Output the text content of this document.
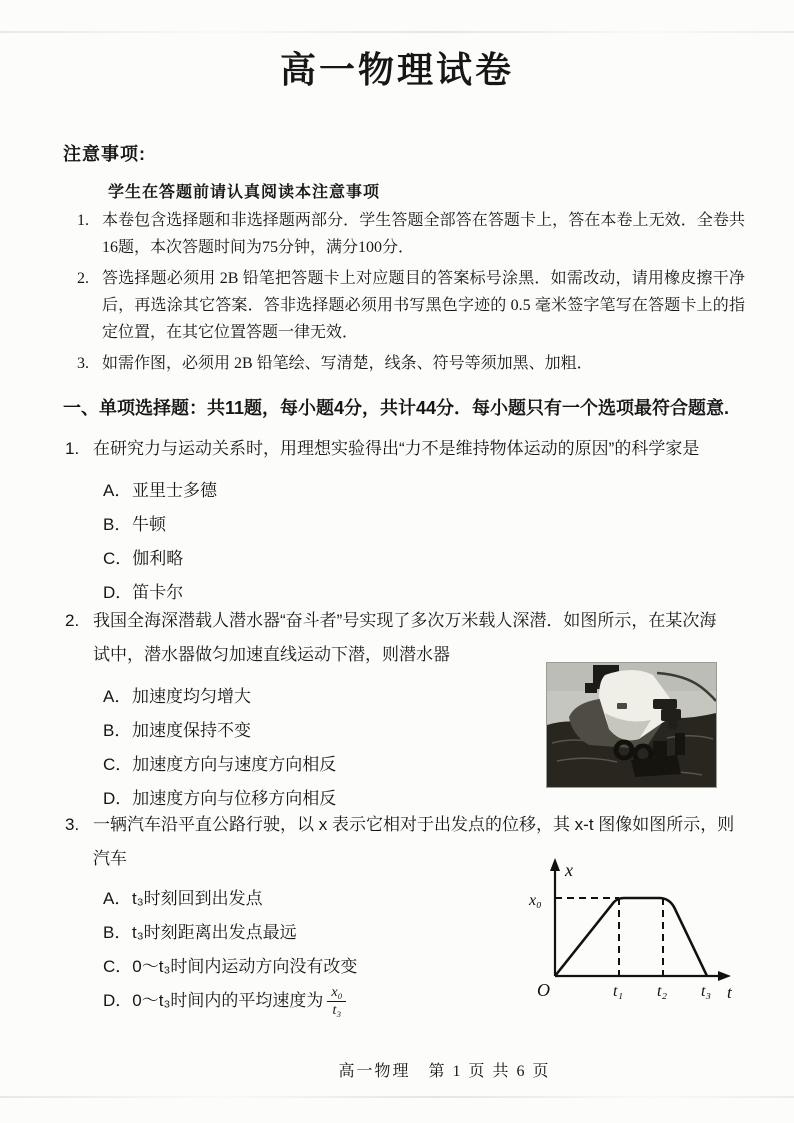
高一物理试卷
注意事项:
学生在答题前请认真阅读本注意事项
1. 本卷包含选择题和非选择题两部分．学生答题全部答在答题卡上，答在本卷上无效．全卷共16题，本次答题时间为75分钟，满分100分．
2. 答选择题必须用 2B 铅笔把答题卡上对应题目的答案标号涂黑．如需改动，请用橡皮擦干净后，再选涂其它答案．答非选择题必须用书写黑色字迹的 0.5 毫米签字笔写在答题卡上的指定位置，在其它位置答题一律无效．
3. 如需作图，必须用 2B 铅笔绘、写清楚，线条、符号等须加黑、加粗．
一、单项选择题：共11题，每小题4分，共计44分．每小题只有一个选项最符合题意.
1. 在研究力与运动关系时，用理想实验得出“力不是维持物体运动的原因”的科学家是
A．亚里士多德
B．牛顿
C．伽利略
D．笛卡尔
2. 我国全海深潜载人潜水器“奋斗者”号实现了多次万米载人深潜．如图所示，在某次海试中，潜水器做匀加速直线运动下潜，则潜水器
A．加速度均匀增大
B．加速度保持不变
C．加速度方向与速度方向相反
D．加速度方向与位移方向相反
3. 一辆汽车沿平直公路行驶，以 x 表示它相对于出发点的位移，其 x-t 图像如图所示，则汽车
A．t₃时刻回到出发点
B．t₃时刻距离出发点最远
C．0～t₃时间内运动方向没有改变
D．0～t₃时间内的平均速度为 $\frac{\text{x₀}}{\text{t₃}}$
x
t
O
x₀
t₁ t₂ t₃
高一物理　第 1 页 共 6 页
